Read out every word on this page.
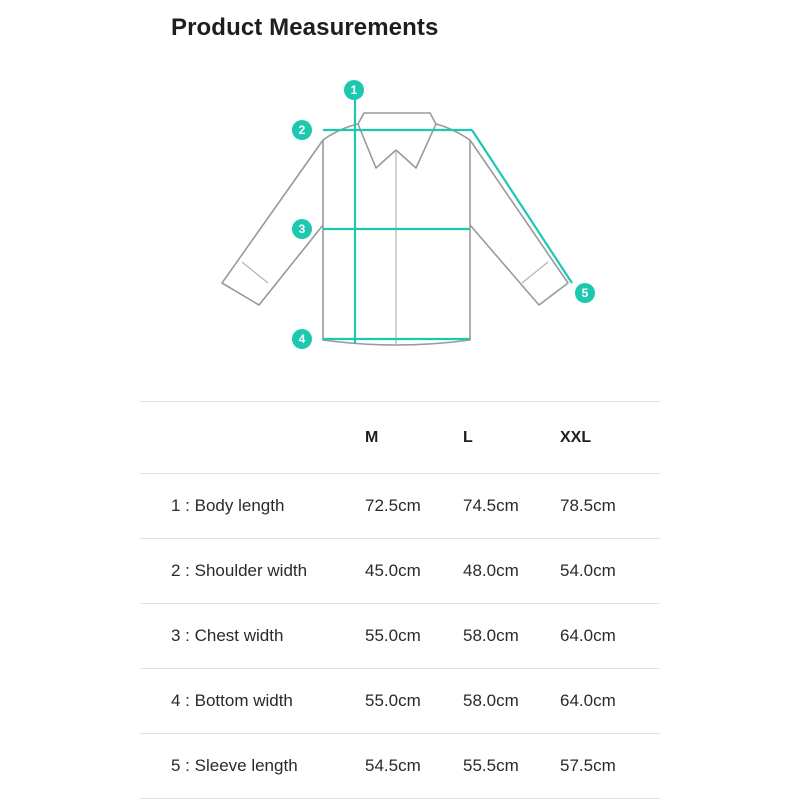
Product Measurements
1
2
3
4
5
M	L	XXL
1 : Body length	72.5cm 74.5cm 78.5cm
2 : Shoulder width	45.0cm 48.0cm 54.0cm
3 : Chest width	55.0cm 58.0cm 64.0cm
4 : Bottom width	55.0cm 58.0cm 64.0cm
5 : Sleeve length	54.5cm 55.5cm 57.5cm
